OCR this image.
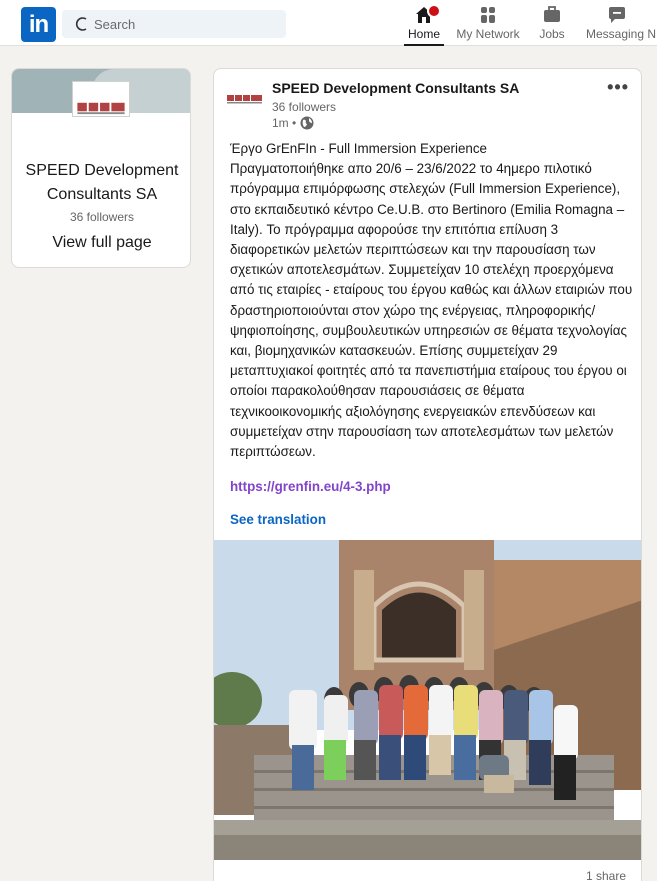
in	Search
Home	My Network	Jobs	Messaging N
SPEED Development Consultants SA
36 followers
View full page
SPEED Development Consultants SA
36 followers
1m •
•••
Έργο GrEnFIn - Full Immersion Experience
Πραγματοποιήθηκε απο 20/6 – 23/6/2022 το 4ημερο πιλοτικό πρόγραμμα επιμόρφωσης στελεχών (Full Immersion Experience), στο εκπαιδευτικό κέντρο Ce.U.B. στο Bertinoro (Emilia Romagna – Italy). Το πρόγραμμα αφορούσε την επιτόπια επίλυση 3 διαφορετικών μελετών περιπτώσεων και την παρουσίαση των σχετικών αποτελεσμάτων. Συμμετείχαν 10 στελέχη προερχόμενα από τις εταιρίες - εταίρους του έργου καθώς και άλλων εταιριών που δραστηριοποιούνται στον χώρο της ενέργειας, πληροφορικής/ψηφιοποίησης, συμβουλευτικών υπηρεσιών σε θέματα τεχνολογίας και, βιομηχανικών κατασκευών. Επίσης συμμετείχαν 29 μεταπτυχιακοί φοιτητές από τα πανεπιστήμια εταίρους του έργου οι οποίοι παρακολούθησαν παρουσιάσεις σε θέματα τεχνικοοικονομικής αξιολόγησης ενεργειακών επενδύσεων και συμμετείχαν στην παρουσίαση των αποτελεσμάτων των μελετών περιπτώσεων.
https://grenfin.eu/4-3.php
See translation
1 share
